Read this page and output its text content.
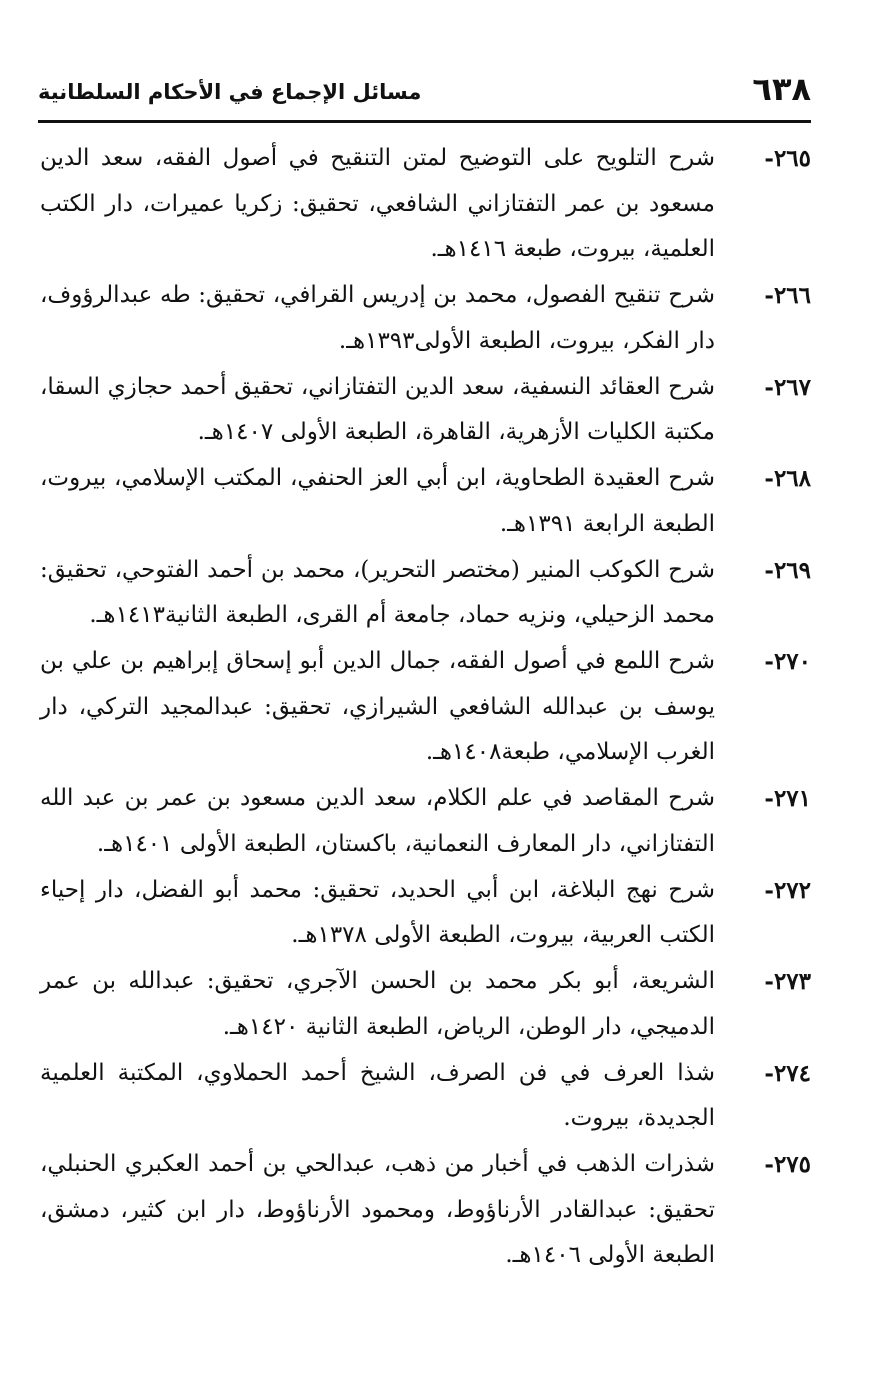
٦٣٨
مسائل الإجماع في الأحكام السلطانية
٢٦٥-
شرح التلويح على التوضيح لمتن التنقيح في أصول الفقه، سعد الدين مسعود بن عمر التفتازاني الشافعي، تحقيق: زكريا عميرات، دار الكتب العلمية، بيروت، طبعة ١٤١٦هـ.
٢٦٦-
شرح تنقيح الفصول، محمد بن إدريس القرافي، تحقيق: طه عبدالرؤوف، دار الفكر، بيروت، الطبعة الأولى١٣٩٣هـ.
٢٦٧-
شرح العقائد النسفية، سعد الدين التفتازاني، تحقيق أحمد حجازي السقا، مكتبة الكليات الأزهرية، القاهرة، الطبعة الأولى ١٤٠٧هـ.
٢٦٨-
شرح العقيدة الطحاوية، ابن أبي العز الحنفي، المكتب الإسلامي، بيروت، الطبعة الرابعة ١٣٩١هـ.
٢٦٩-
شرح الكوكب المنير (مختصر التحرير)، محمد بن أحمد الفتوحي، تحقيق: محمد الزحيلي، ونزيه حماد، جامعة أم القرى، الطبعة الثانية١٤١٣هـ.
٢٧٠-
شرح اللمع في أصول الفقه، جمال الدين أبو إسحاق إبراهيم بن علي بن يوسف بن عبدالله الشافعي الشيرازي، تحقيق: عبدالمجيد التركي، دار الغرب الإسلامي، طبعة١٤٠٨هـ.
٢٧١-
شرح المقاصد في علم الكلام، سعد الدين مسعود بن عمر بن عبد الله التفتازاني، دار المعارف النعمانية، باكستان، الطبعة الأولى ١٤٠١هـ.
٢٧٢-
شرح نهج البلاغة، ابن أبي الحديد، تحقيق: محمد أبو الفضل، دار إحياء الكتب العربية، بيروت، الطبعة الأولى ١٣٧٨هـ.
٢٧٣-
الشريعة، أبو بكر محمد بن الحسن الآجري، تحقيق: عبدالله بن عمر الدميجي، دار الوطن، الرياض، الطبعة الثانية ١٤٢٠هـ.
٢٧٤-
شذا العرف في فن الصرف، الشيخ أحمد الحملاوي، المكتبة العلمية الجديدة، بيروت.
٢٧٥-
شذرات الذهب في أخبار من ذهب، عبدالحي بن أحمد العكبري الحنبلي، تحقيق: عبدالقادر الأرناؤوط، ومحمود الأرناؤوط، دار ابن كثير، دمشق، الطبعة الأولى ١٤٠٦هـ.
